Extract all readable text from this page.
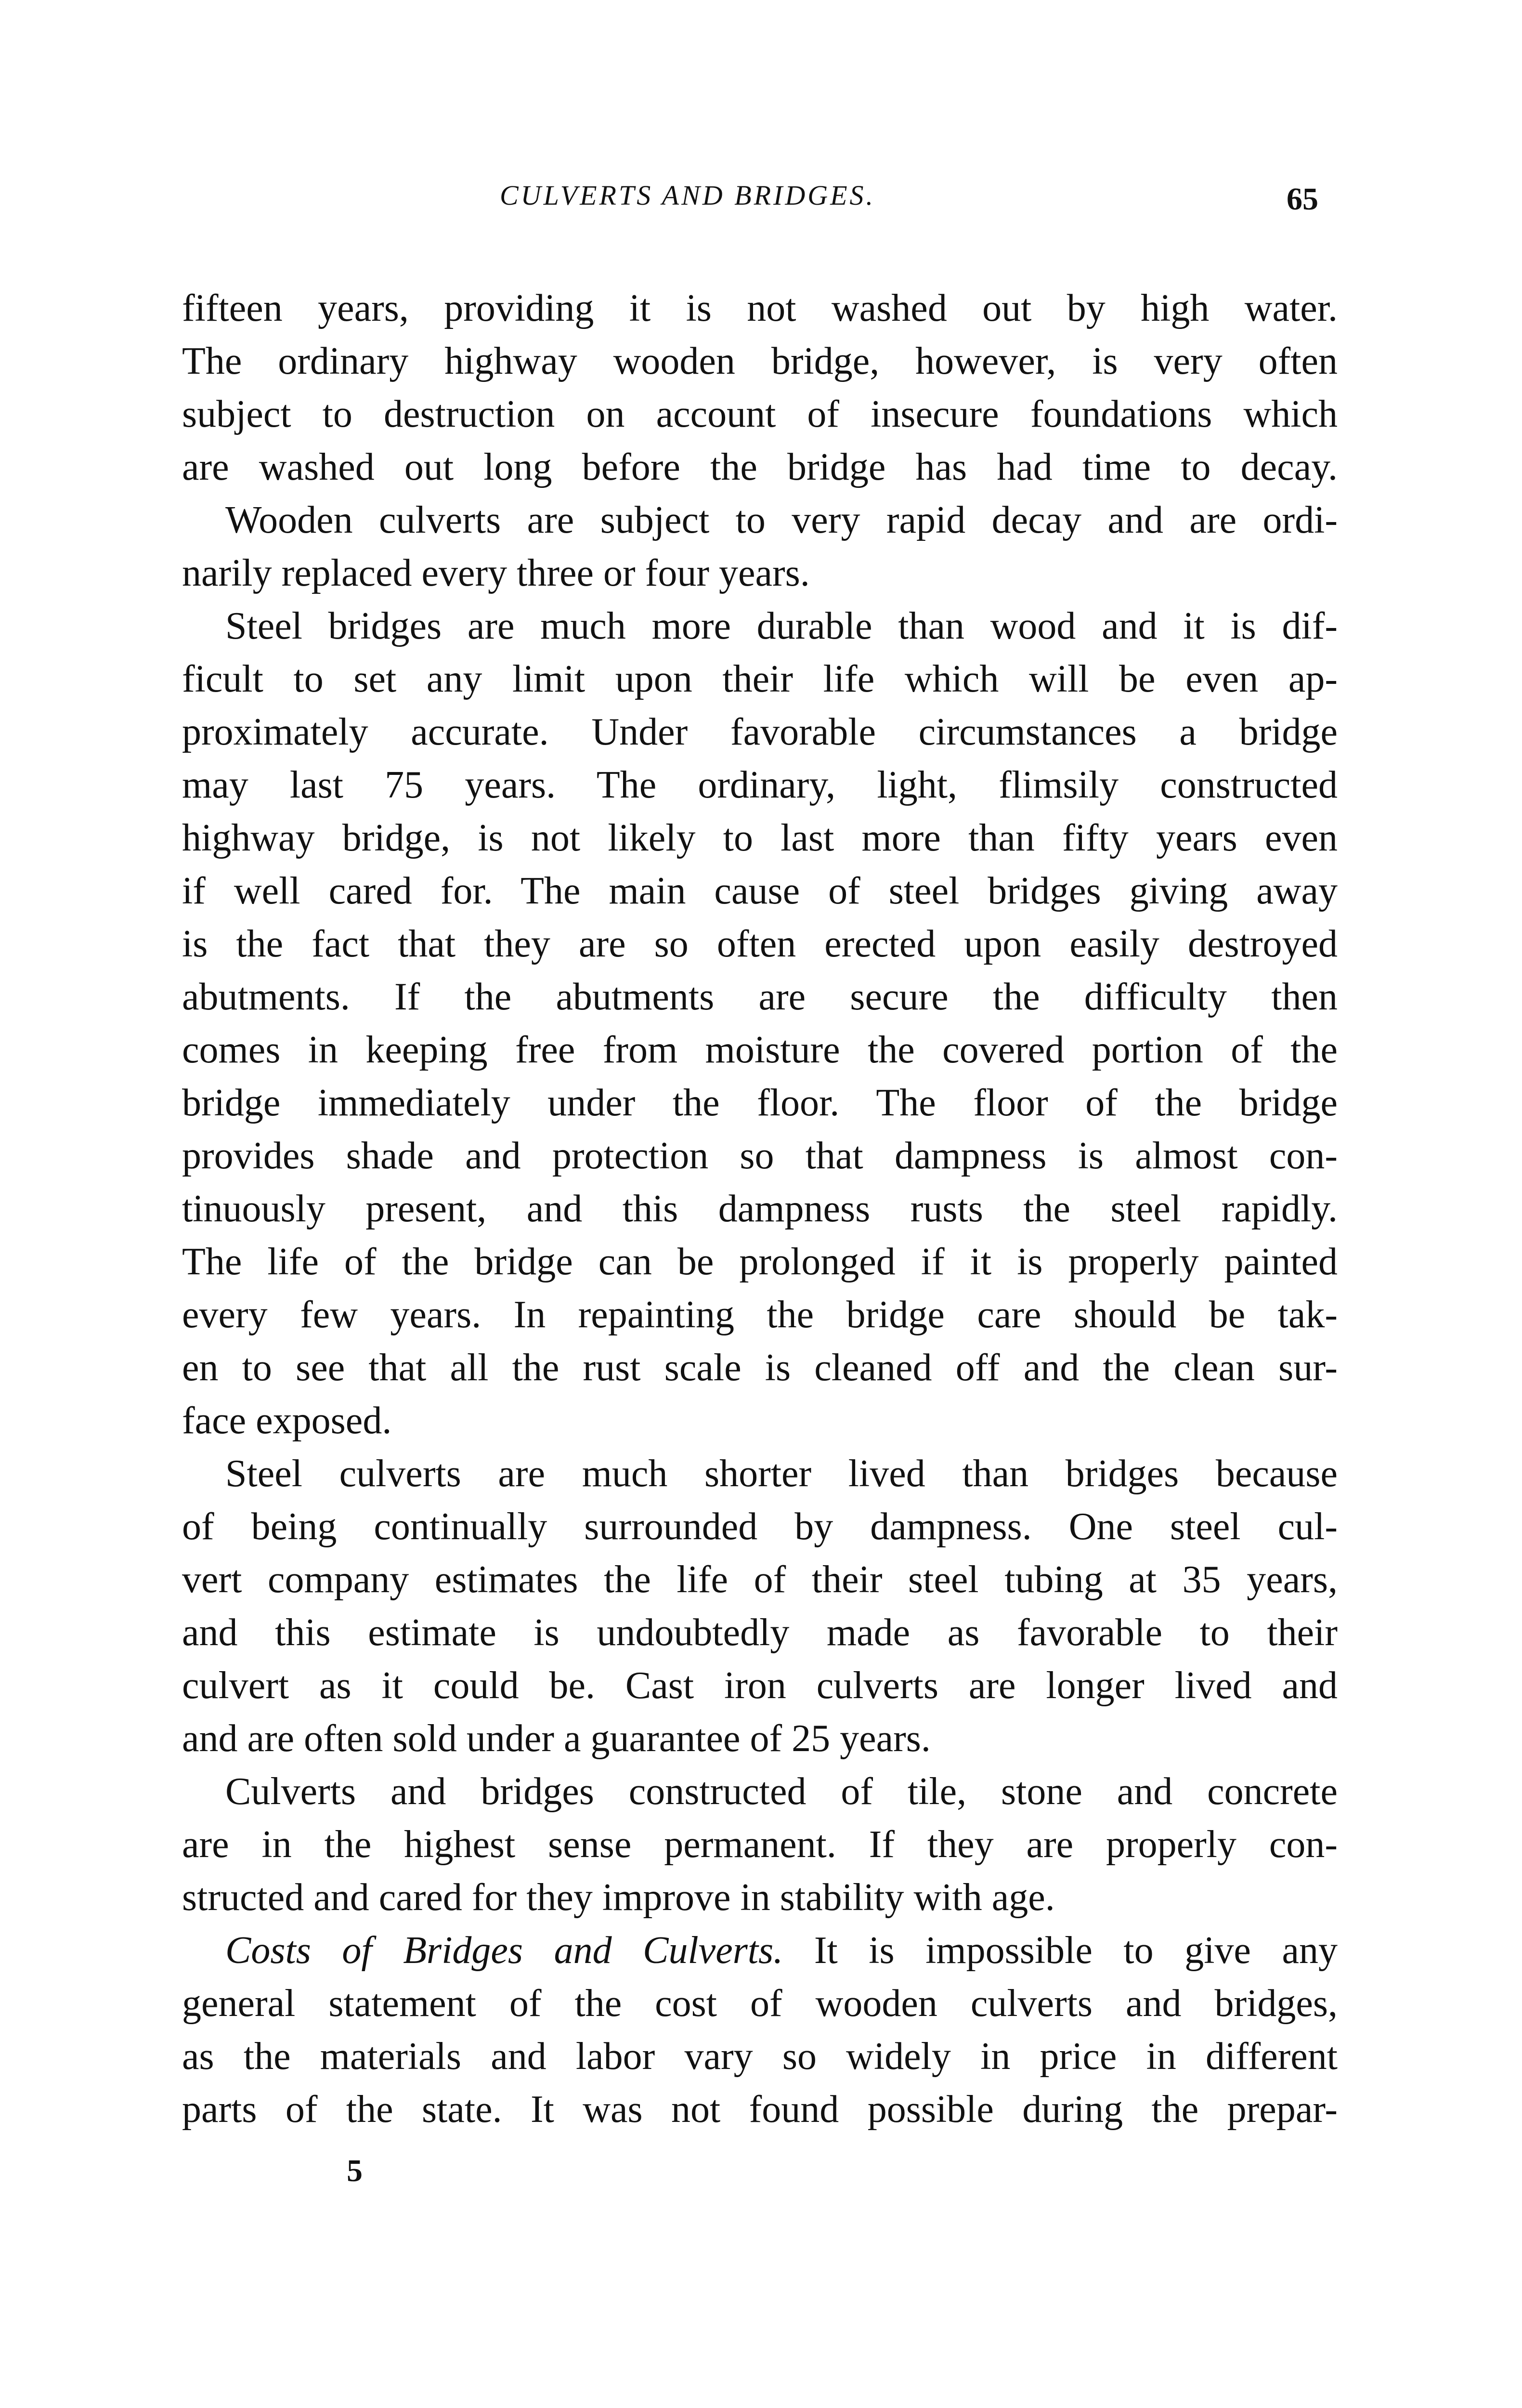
CULVERTS AND BRIDGES.	65
fifteen years, providing it is not washed out by high water.
The ordinary highway wooden bridge, however, is very often
subject to destruction on account of insecure foundations which
are washed out long before the bridge has had time to decay.
Wooden culverts are subject to very rapid decay and are ordi-
narily replaced every three or four years.
Steel bridges are much more durable than wood and it is dif-
ficult to set any limit upon their life which will be even ap-
proximately accurate. Under favorable circumstances a bridge
may last 75 years. The ordinary, light, flimsily constructed
highway bridge, is not likely to last more than fifty years even
if well cared for. The main cause of steel bridges giving away
is the fact that they are so often erected upon easily destroyed
abutments. If the abutments are secure the difficulty then
comes in keeping free from moisture the covered portion of the
bridge immediately under the floor. The floor of the bridge
provides shade and protection so that dampness is almost con-
tinuously present, and this dampness rusts the steel rapidly.
The life of the bridge can be prolonged if it is properly painted
every few years. In repainting the bridge care should be tak-
en to see that all the rust scale is cleaned off and the clean sur-
face exposed.
Steel culverts are much shorter lived than bridges because
of being continually surrounded by dampness. One steel cul-
vert company estimates the life of their steel tubing at 35 years,
and this estimate is undoubtedly made as favorable to their
culvert as it could be. Cast iron culverts are longer lived and
and are often sold under a guarantee of 25 years.
Culverts and bridges constructed of tile, stone and concrete
are in the highest sense permanent. If they are properly con-
structed and cared for they improve in stability with age.
Costs of Bridges and Culverts. It is impossible to give any
general statement of the cost of wooden culverts and bridges,
as the materials and labor vary so widely in price in different
parts of the state. It was not found possible during the prepar-
5
